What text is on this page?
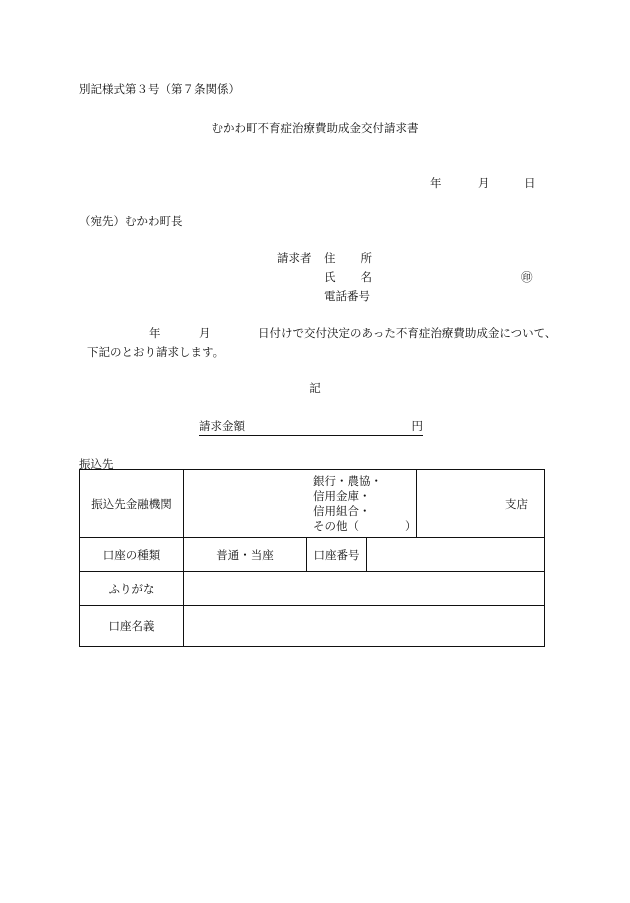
別記様式第３号（第７条関係）
むかわ町不育症治療費助成金交付請求書
年	月	日
（宛先）むかわ町長
請求者 住 所
氏 名	㊞
電話番号
年	月	日付けで交付決定のあった不育症治療費助成金について、
下記のとおり請求します。
記
請求金額	円
振込先
振込先金融機関	銀行・農協・
信用金庫・
信用組合・
その他（　　　　）			支店
口座の種類	普通・当座	口座番号		
ふりがな				
口座名義				
